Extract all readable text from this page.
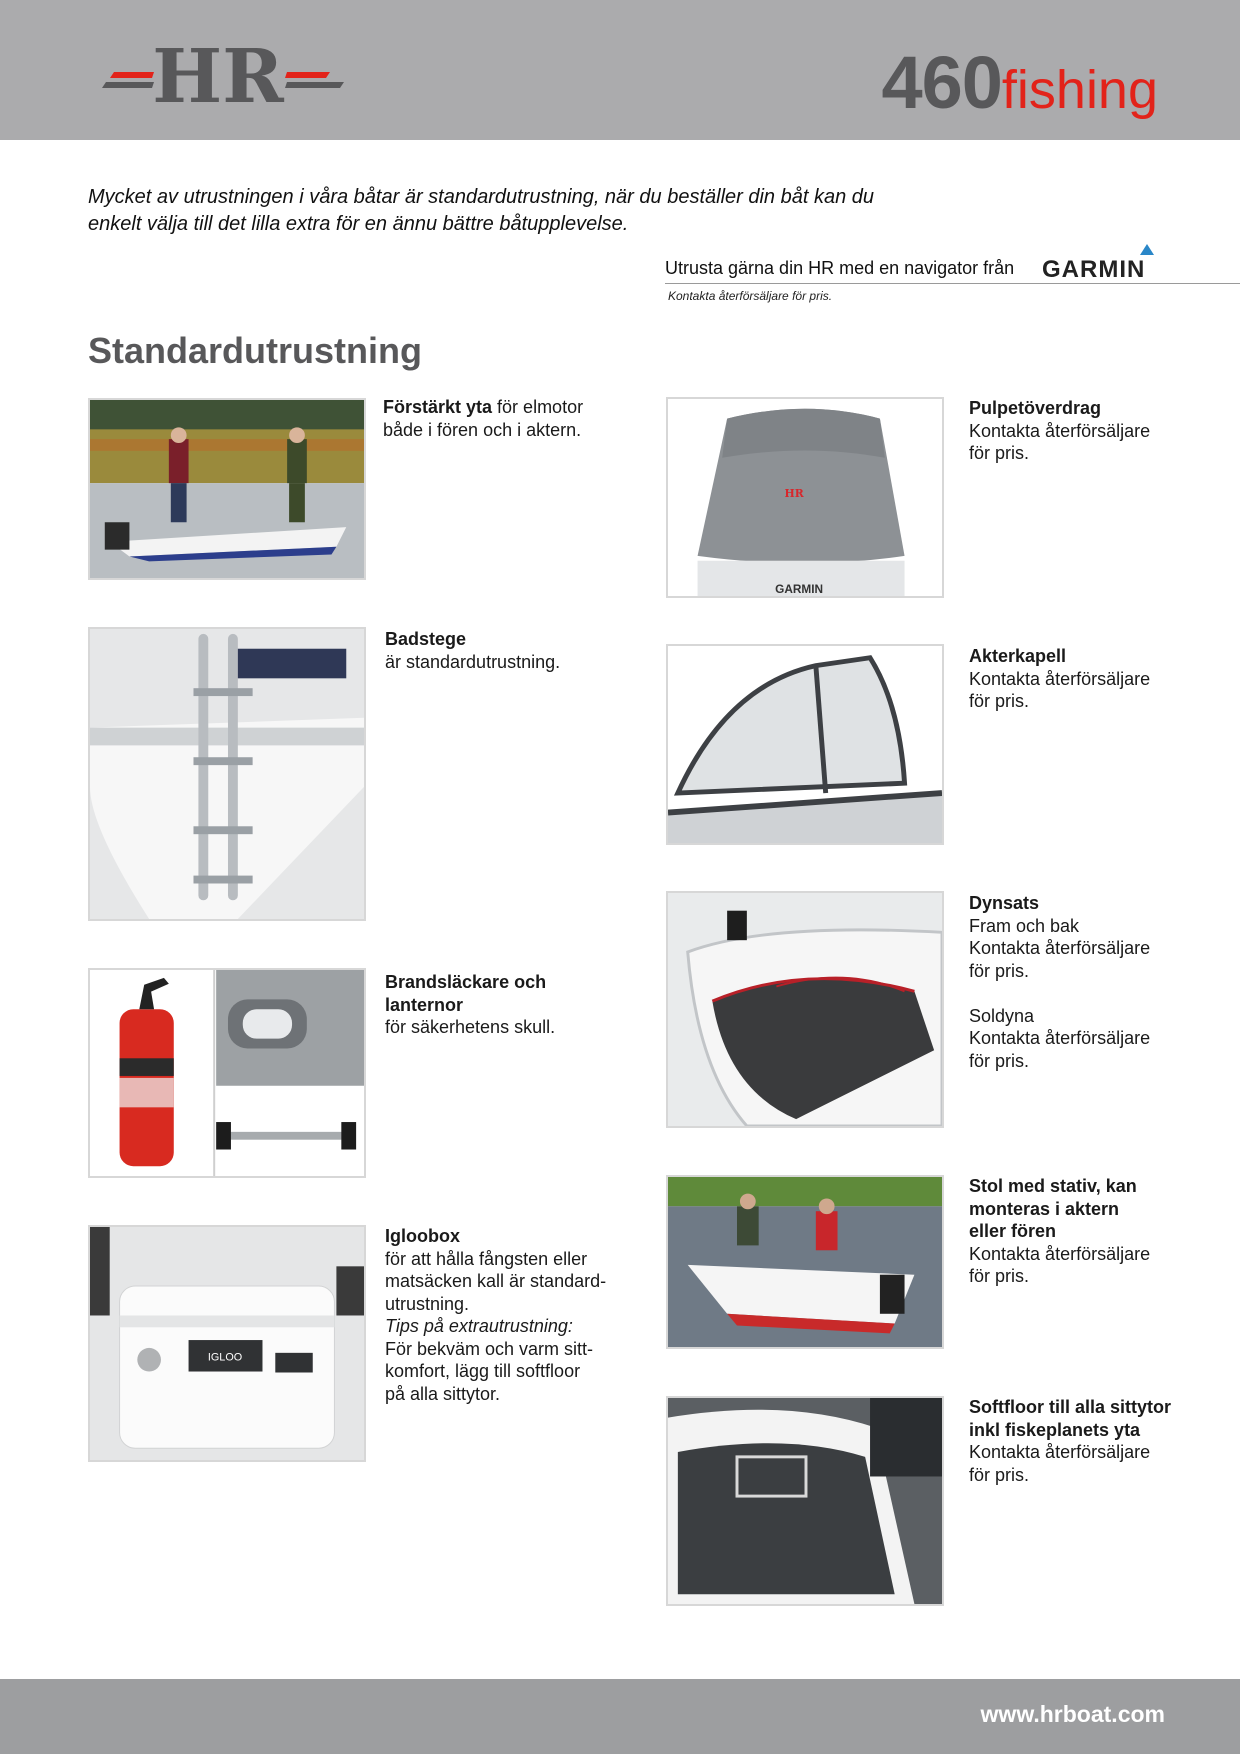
HR	460fishing
Mycket av utrustningen i våra båtar är standardutrustning, när du beställer din båt kan du
enkelt välja till det lilla extra för en ännu bättre båtupplevelse.
Utrusta gärna din HR med en navigator från GARMIN
Kontakta återförsäljare för pris.
Standardutrustning
IGLOO
Förstärkt yta för elmotor
både i fören och i aktern.
Badstege
är standardutrustning.
Brandsläckare och
lanternor
för säkerhetens skull.
Igloobox
för att hålla fångsten eller
matsäcken kall är standard-
utrustning.
Tips på extrautrustning:
För bekväm och varm sitt-
komfort, lägg till softfloor
på alla sittytor.
HR
GARMIN
Pulpetöverdrag
Kontakta återförsäljare
för pris.
Akterkapell
Kontakta återförsäljare
för pris.
Dynsats
Fram och bak
Kontakta återförsäljare
för pris.
Soldyna
Kontakta återförsäljare
för pris.
Stol med stativ, kan
monteras i aktern
eller fören
Kontakta återförsäljare
för pris.
Softfloor till alla sittytor
inkl fiskeplanets yta
Kontakta återförsäljare
för pris.
www.hrboat.com
